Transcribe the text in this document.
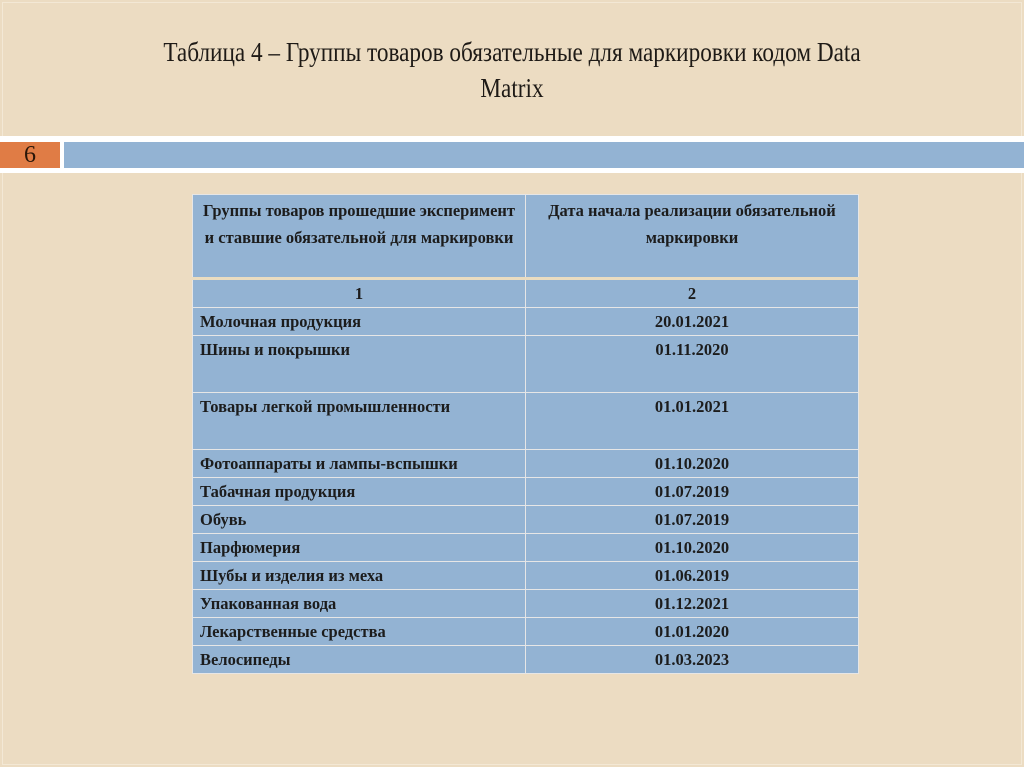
Таблица 4 – Группы товаров обязательные для маркировки кодом Data
Matrix
6
Группы товаров прошедшие эксперимент и ставшие обязательной для маркировки	Дата начала реализации обязательной маркировки
1	2
Молочная продукция	20.01.2021
Шины и покрышки	01.11.2020
Товары легкой промышленности	01.01.2021
Фотоаппараты и лампы-вспышки	01.10.2020
Табачная продукция	01.07.2019
Обувь	01.07.2019
Парфюмерия	01.10.2020
Шубы и изделия из меха	01.06.2019
Упакованная вода	01.12.2021
Лекарственные средства	01.01.2020
Велосипеды	01.03.2023
